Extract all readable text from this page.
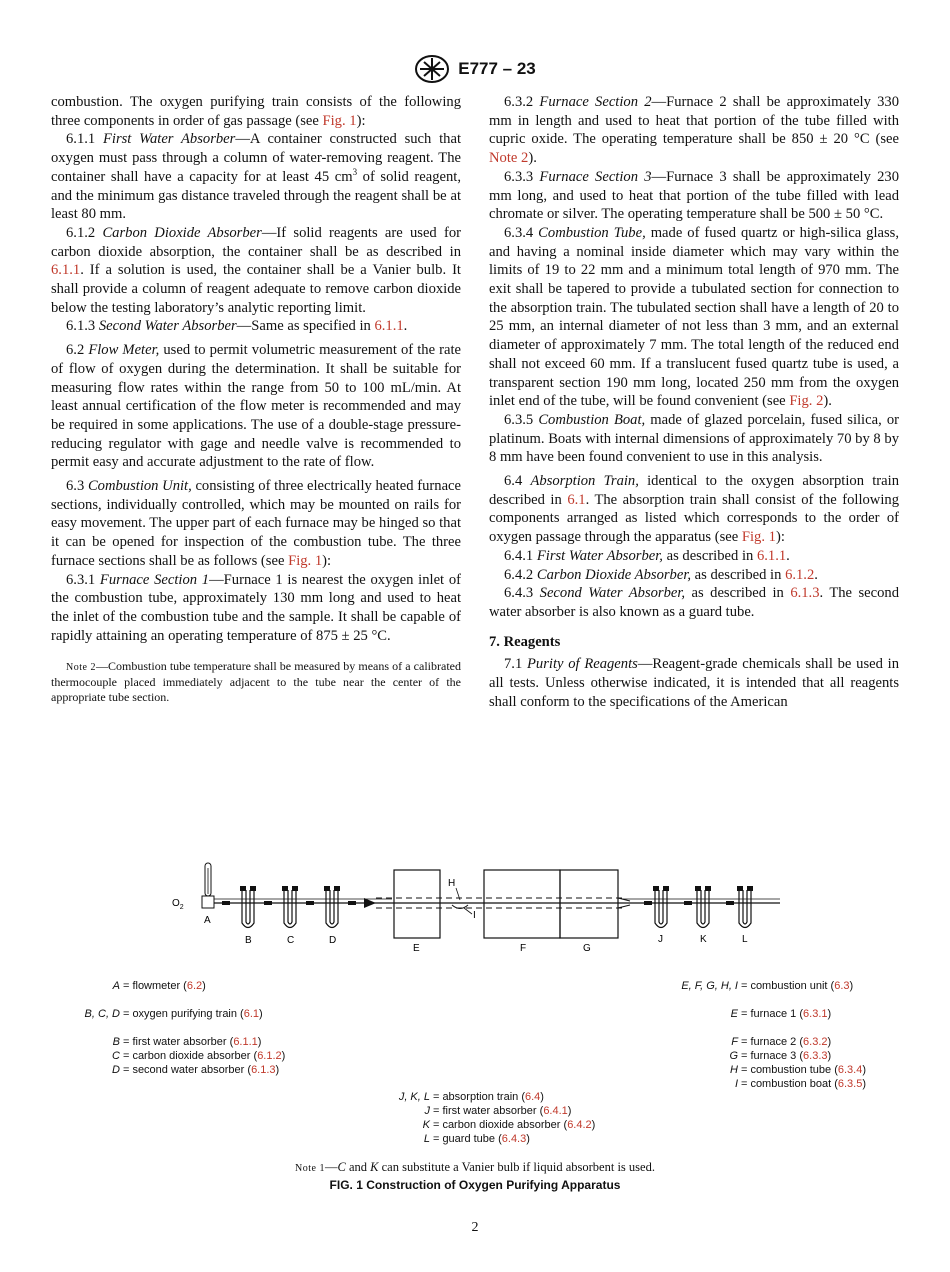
E777 – 23

combustion. The oxygen purifying train consists of the following three components in order of gas passage (see Fig. 1):

6.1.1 First Water Absorber—A container constructed such that oxygen must pass through a column of water-removing reagent. The container shall have a capacity for at least 45 $cm^3$ of solid reagent, and the minimum gas distance traveled through the reagent shall be at least 80 mm.

6.1.2 Carbon Dioxide Absorber—If solid reagents are used for carbon dioxide absorption, the container shall be as described in 6.1.1. If a solution is used, the container shall be a Vanier bulb. It shall provide a column of reagent adequate to remove carbon dioxide below the testing laboratory’s analytic reporting limit.

6.1.3 Second Water Absorber—Same as specified in 6.1.1.

6.2 Flow Meter, used to permit volumetric measurement of the rate of flow of oxygen during the determination. It shall be suitable for measuring flow rates within the range from 50 to 100 mL/min. At least annual certification of the flow meter is recommended and may be required in some applications. The use of a double-stage pressure-reducing regulator with gage and needle valve is recommended to permit easy and accurate adjustment to the rate of flow.

6.3 Combustion Unit, consisting of three electrically heated furnace sections, individually controlled, which may be mounted on rails for easy movement. The upper part of each furnace may be hinged so that it can be opened for inspection of the combustion tube. The three furnace sections shall be as follows (see Fig. 1):

6.3.1 Furnace Section 1—Furnace 1 is nearest the oxygen inlet of the combustion tube, approximately 130 mm long and used to heat the inlet of the combustion tube and the sample. It shall be capable of rapidly attaining an operating temperature of 875 ± 25 °C.

Note 2—Combustion tube temperature shall be measured by means of a calibrated thermocouple placed immediately adjacent to the tube near the center of the appropriate tube section.

6.3.2 Furnace Section 2—Furnace 2 shall be approximately 330 mm in length and used to heat that portion of the tube filled with cupric oxide. The operating temperature shall be 850 ± 20 °C (see Note 2).

6.3.3 Furnace Section 3—Furnace 3 shall be approximately 230 mm long, and used to heat that portion of the tube filled with lead chromate or silver. The operating temperature shall be 500 ± 50 °C.

6.3.4 Combustion Tube, made of fused quartz or high-silica glass, and having a nominal inside diameter which may vary within the limits of 19 to 22 mm and a minimum total length of 970 mm. The exit shall be tapered to provide a tubulated section for connection to the absorption train. The tubulated section shall have a length of 20 to 25 mm, an internal diameter of not less than 3 mm, and an external diameter of approximately 7 mm. The total length of the reduced end shall not exceed 60 mm. If a translucent fused quartz tube is used, a transparent section 190 mm long, located 250 mm from the oxygen inlet end of the tube, will be found convenient (see Fig. 2).

6.3.5 Combustion Boat, made of glazed porcelain, fused silica, or platinum. Boats with internal dimensions of approximately 70 by 8 by 8 mm have been found convenient to use in this analysis.

6.4 Absorption Train, identical to the oxygen absorption train described in 6.1. The absorption train shall consist of the following components arranged as listed which corresponds to the order of oxygen passage through the apparatus (see Fig. 1):

6.4.1 First Water Absorber, as described in 6.1.1.

6.4.2 Carbon Dioxide Absorber, as described in 6.1.2.

6.4.3 Second Water Absorber, as described in 6.1.3. The second water absorber is also known as a guard tube.

7. Reagents

7.1 Purity of Reagents—Reagent-grade chemicals shall be used in all tests. Unless otherwise indicated, it is intended that all reagents shall conform to the specifications of the American

$O_2$
A
B	C	D
E	F	G
H
I
J	K	L
A = flowmeter (6.2)
B, C, D = oxygen purifying train (6.1)
B = first water absorber (6.1.1)
C = carbon dioxide absorber (6.1.2)
D = second water absorber (6.1.3)
E, F, G, H, I = combustion unit (6.3)
E = furnace 1 (6.3.1)
F = furnace 2 (6.3.2)
G = furnace 3 (6.3.3)
H = combustion tube (6.3.4)
I = combustion boat (6.3.5)
J, K, L = absorption train (6.4)
J = first water absorber (6.4.1)
K = carbon dioxide absorber (6.4.2)
L = guard tube (6.4.3)
Note 1—C and K can substitute a Vanier bulb if liquid absorbent is used.
FIG. 1 Construction of Oxygen Purifying Apparatus
2
